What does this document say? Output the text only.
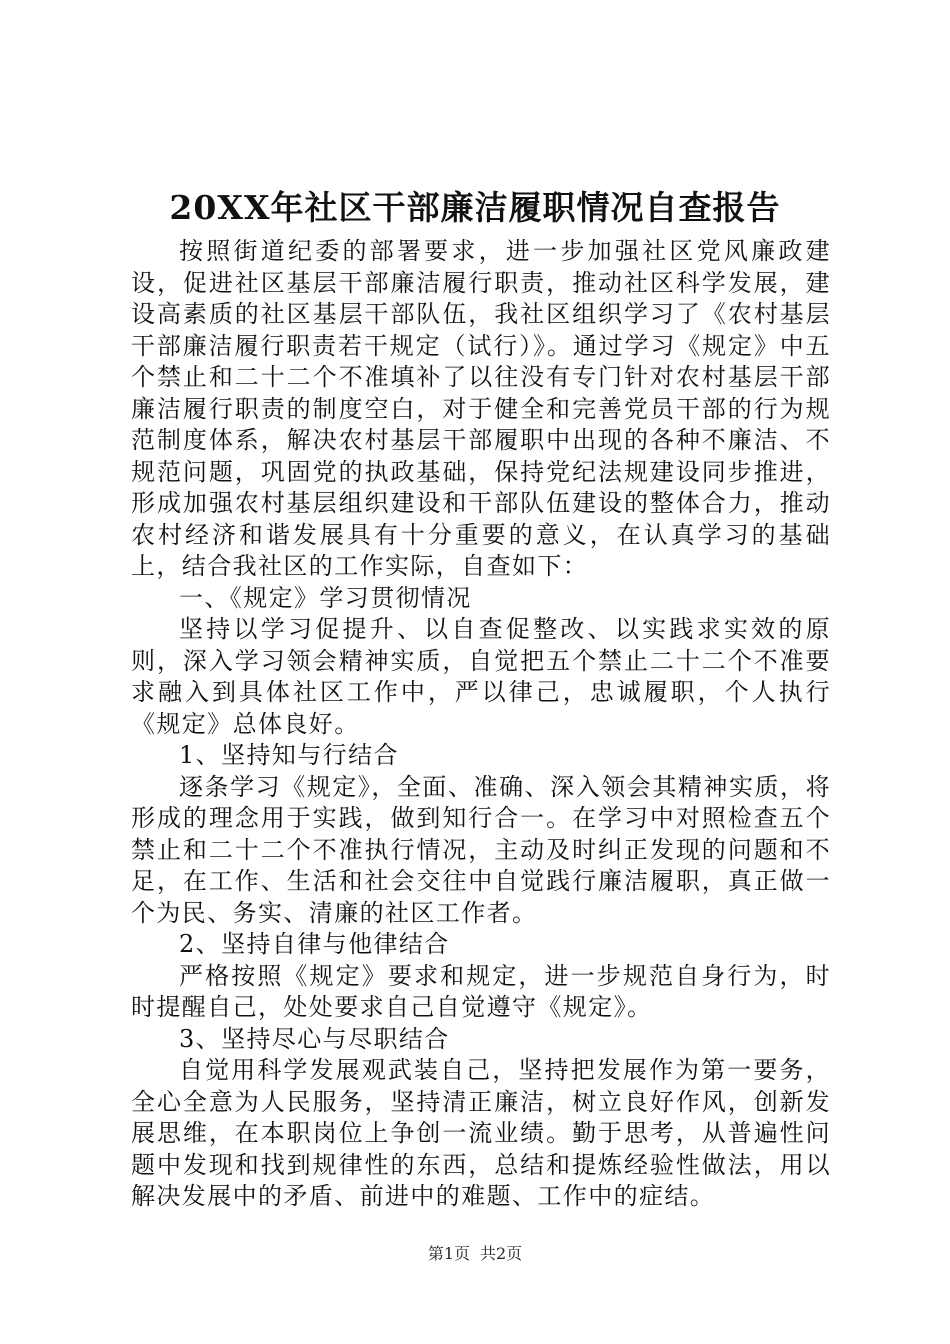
20XX年社区干部廉洁履职情况自查报告

按照街道纪委的部署要求，进一步加强社区党风廉政建设，促进社区基层干部廉洁履行职责，推动社区科学发展，建设高素质的社区基层干部队伍，我社区组织学习了《农村基层干部廉洁履行职责若干规定（试行）》。通过学习《规定》中五个禁止和二十二个不准填补了以往没有专门针对农村基层干部廉洁履行职责的制度空白，对于健全和完善党员干部的行为规范制度体系，解决农村基层干部履职中出现的各种不廉洁、不规范问题，巩固党的执政基础，保持党纪法规建设同步推进，形成加强农村基层组织建设和干部队伍建设的整体合力，推动农村经济和谐发展具有十分重要的意义，在认真学习的基础上，结合我社区的工作实际，自查如下：

一、《规定》学习贯彻情况

坚持以学习促提升、以自查促整改、以实践求实效的原则，深入学习领会精神实质，自觉把五个禁止二十二个不准要求融入到具体社区工作中，严以律己，忠诚履职，个人执行《规定》总体良好。

1、坚持知与行结合

逐条学习《规定》，全面、准确、深入领会其精神实质，将形成的理念用于实践，做到知行合一。在学习中对照检查五个禁止和二十二个不准执行情况，主动及时纠正发现的问题和不足，在工作、生活和社会交往中自觉践行廉洁履职，真正做一个为民、务实、清廉的社区工作者。

2、坚持自律与他律结合

严格按照《规定》要求和规定，进一步规范自身行为，时时提醒自己，处处要求自己自觉遵守《规定》。

3、坚持尽心与尽职结合

自觉用科学发展观武装自己，坚持把发展作为第一要务，全心全意为人民服务，坚持清正廉洁，树立良好作风，创新发展思维，在本职岗位上争创一流业绩。勤于思考，从普遍性问题中发现和找到规律性的东西，总结和提炼经验性做法，用以解决发展中的矛盾、前进中的难题、工作中的症结。

第1页 共2页
